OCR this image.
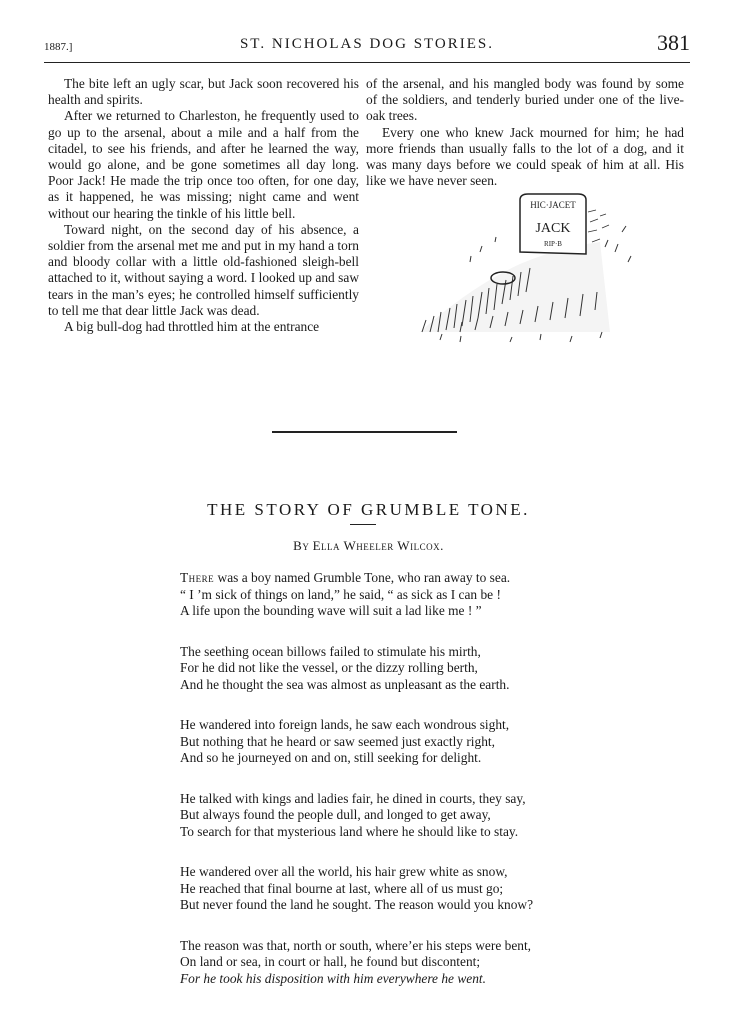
1887.]	ST. NICHOLAS DOG STORIES.	381

The bite left an ugly scar, but Jack soon recovered his health and spirits.

After we returned to Charleston, he frequently used to go up to the arsenal, about a mile and a half from the citadel, to see his friends, and after he learned the way, would go alone, and be gone sometimes all day long. Poor Jack! He made the trip once too often, for one day, as it happened, he was missing; night came and went without our hearing the tinkle of his little bell.

Toward night, on the second day of his absence, a soldier from the arsenal met me and put in my hand a torn and bloody collar with a little old-fashioned sleigh-bell attached to it, without saying a word. I looked up and saw tears in the man’s eyes; he controlled himself sufficiently to tell me that dear little Jack was dead.

A big bull-dog had throttled him at the entrance

of the arsenal, and his mangled body was found by some of the soldiers, and tenderly buried under one of the live-oak trees.

Every one who knew Jack mourned for him; he had more friends than usually falls to the lot of a dog, and it was many days before we could speak of him at all. His like we have never seen.

HIC·JACET
JACK
RIP·B
THE STORY OF GRUMBLE TONE.
By Ella Wheeler Wilcox.
There was a boy named Grumble Tone, who ran away to sea.
“ I ’m sick of things on land,” he said, “ as sick as I can be !
A life upon the bounding wave will suit a lad like me ! ”
The seething ocean billows failed to stimulate his mirth,
For he did not like the vessel, or the dizzy rolling berth,
And he thought the sea was almost as unpleasant as the earth.
He wandered into foreign lands, he saw each wondrous sight,
But nothing that he heard or saw seemed just exactly right,
And so he journeyed on and on, still seeking for delight.
He talked with kings and ladies fair, he dined in courts, they say,
But always found the people dull, and longed to get away,
To search for that mysterious land where he should like to stay.
He wandered over all the world, his hair grew white as snow,
He reached that final bourne at last, where all of us must go;
But never found the land he sought. The reason would you know?
The reason was that, north or south, where’er his steps were bent,
On land or sea, in court or hall, he found but discontent;
For he took his disposition with him everywhere he went.
